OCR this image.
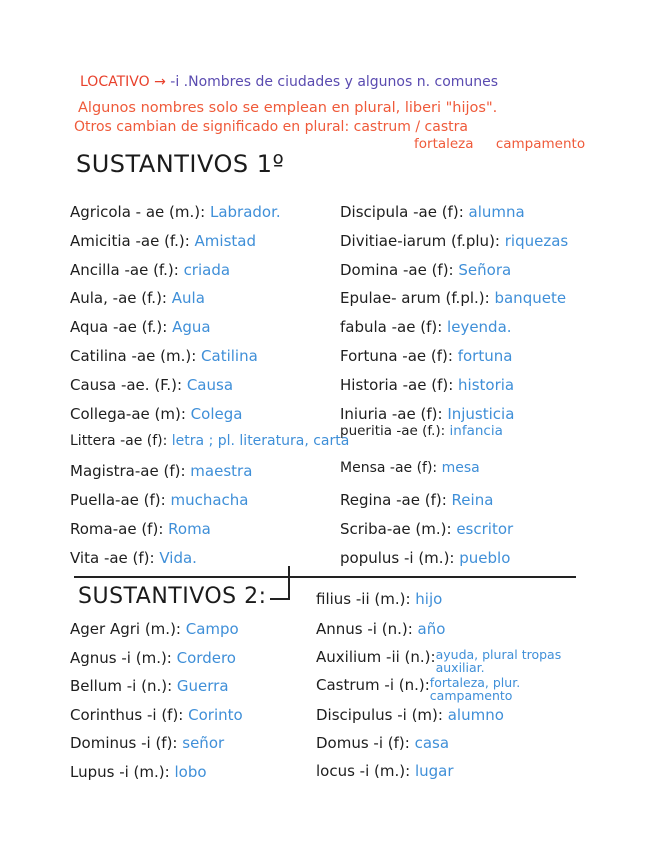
LOCATIVO → -i .Nombres de ciudades y algunos n. comunes
Algunos nombres solo se emplean en plural, liberi "hijos".
Otros cambian de significado en plural: castrum / castra
fortaleza campamento
SUSTANTIVOS 1º
Agricola - ae (m.): Labrador.
Amicitia -ae (f.): Amistad
Ancilla -ae (f.): criada
Aula, -ae (f.): Aula
Aqua -ae (f.): Agua
Catilina -ae (m.): Catilina
Causa -ae. (F.): Causa
Collega-ae (m): Colega
Littera -ae (f): letra ; pl. literatura, carta
Magistra-ae (f): maestra
Puella-ae (f): muchacha
Roma-ae (f): Roma
Vita -ae (f): Vida.
Discipula -ae (f): alumna
Divitiae-iarum (f.plu): riquezas
Domina -ae (f): Señora
Epulae- arum (f.pl.): banquete
fabula -ae (f): leyenda.
Fortuna -ae (f): fortuna
Historia -ae (f): historia
Iniuria -ae (f): Injusticia
pueritia -ae (f.): infancia
Mensa -ae (f): mesa
Regina -ae (f): Reina
Scriba-ae (m.): escritor
populus -i (m.): pueblo
SUSTANTIVOS 2:
Ager Agri (m.): Campo
Agnus -i (m.): Cordero
Bellum -i (n.): Guerra
Corinthus -i (f): Corinto
Dominus -i (f): señor
Lupus -i (m.): lobo
filius -ii (m.): hijo
Annus -i (n.): año
Auxilium -ii (n.):ayuda, plural tropas auxiliar.
Castrum -i (n.):fortaleza, plur. campamento
Discipulus -i (m): alumno
Domus -i (f): casa
locus -i (m.): lugar
